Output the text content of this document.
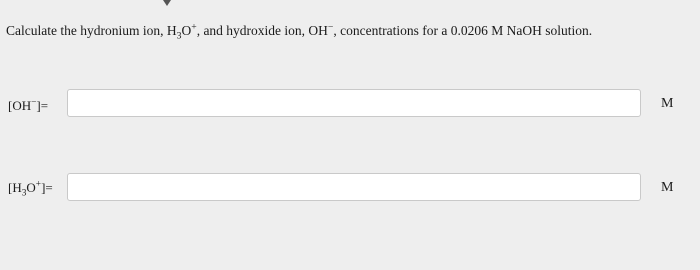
Calculate the hydronium ion, $H_3O^+$, and hydroxide ion, OH−, concentrations for a 0.0206 M NaOH solution.
[OH−]=	M
$[H_3O^+]=$	M
